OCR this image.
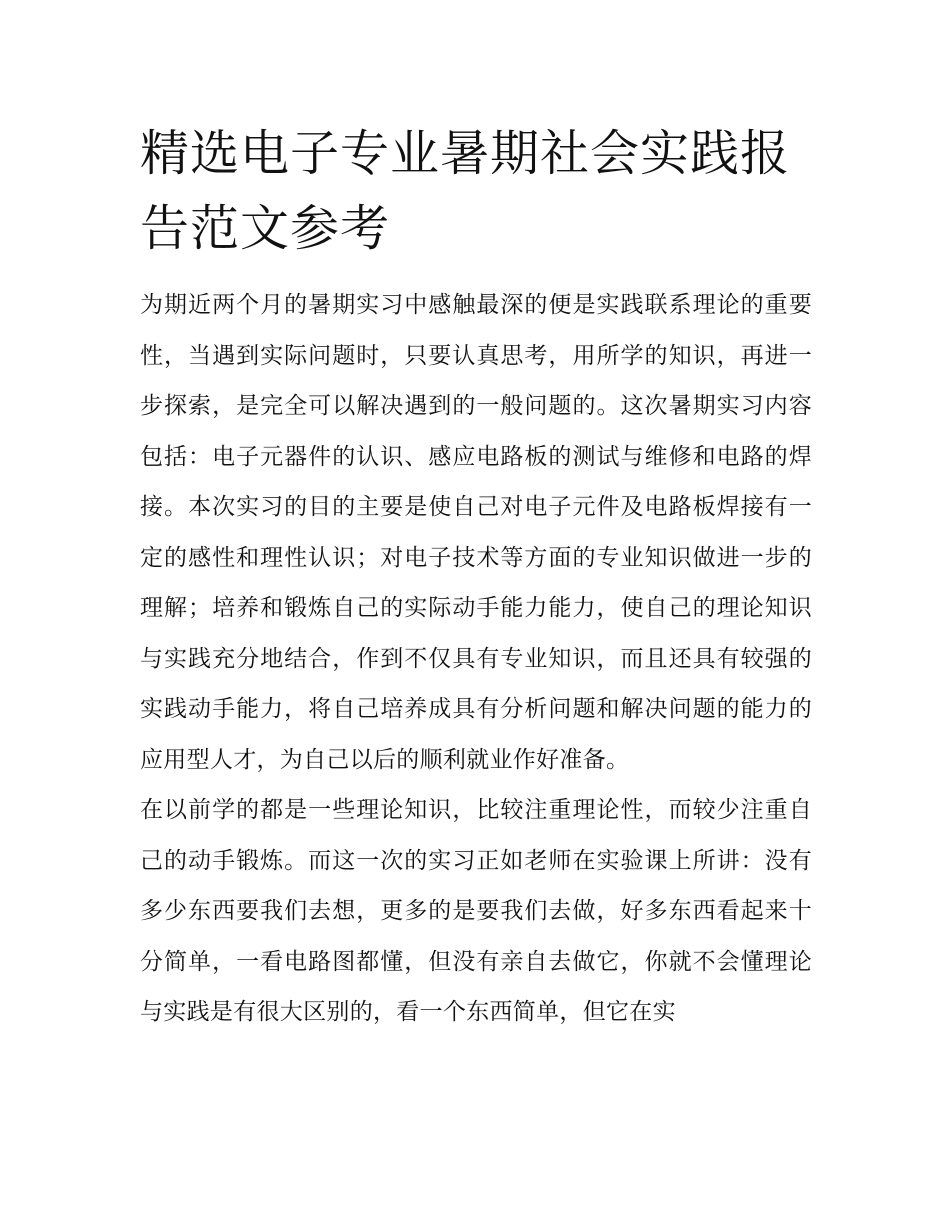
精选电子专业暑期社会实践报告范文参考

为期近两个月的暑期实习中感触最深的便是实践联系理论的重要性，当遇到实际问题时，只要认真思考，用所学的知识，再进一步探索，是完全可以解决遇到的一般问题的。这次暑期实习内容包括：电子元器件的认识、感应电路板的测试与维修和电路的焊接。本次实习的目的主要是使自己对电子元件及电路板焊接有一定的感性和理性认识；对电子技术等方面的专业知识做进一步的理解；培养和锻炼自己的实际动手能力能力，使自己的理论知识与实践充分地结合，作到不仅具有专业知识，而且还具有较强的实践动手能力，将自己培养成具有分析问题和解决问题的能力的应用型人才，为自己以后的顺利就业作好准备。

在以前学的都是一些理论知识，比较注重理论性，而较少注重自己的动手锻炼。而这一次的实习正如老师在实验课上所讲：没有多少东西要我们去想，更多的是要我们去做，好多东西看起来十分简单，一看电路图都懂，但没有亲自去做它，你就不会懂理论与实践是有很大区别的，看一个东西简单，但它在实
